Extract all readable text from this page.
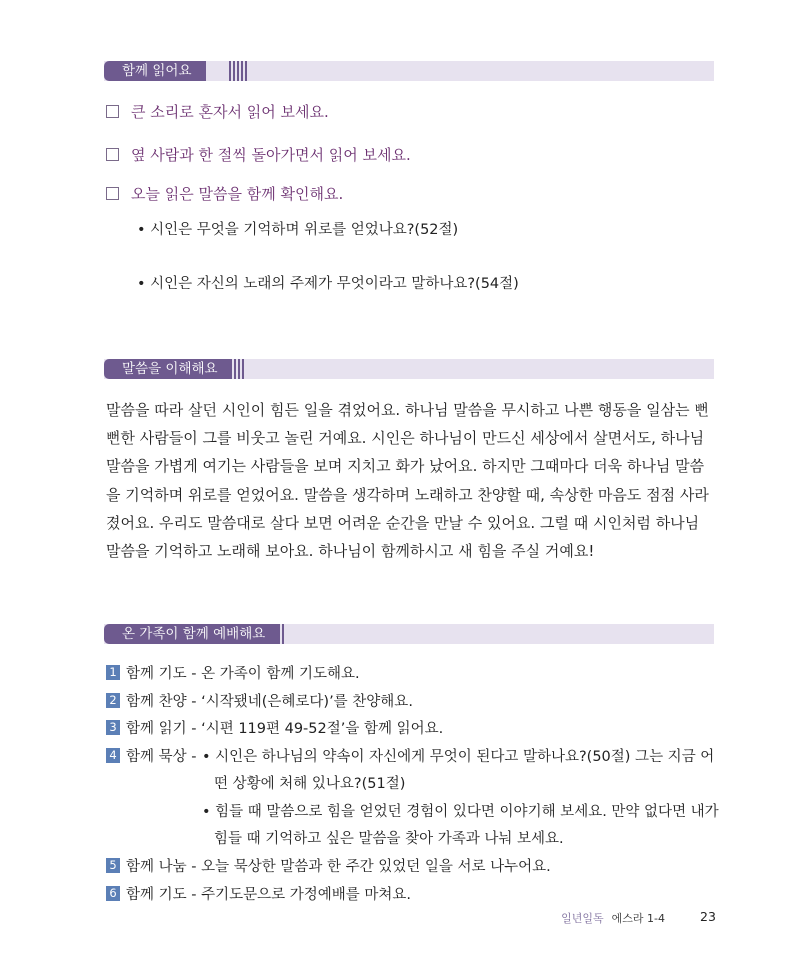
함께 읽어요
큰 소리로 혼자서 읽어 보세요.
옆 사람과 한 절씩 돌아가면서 읽어 보세요.
오늘 읽은 말씀을 함께 확인해요.
• 시인은 무엇을 기억하며 위로를 얻었나요?(52절)
• 시인은 자신의 노래의 주제가 무엇이라고 말하나요?(54절)
말씀을 이해해요

말씀을 따라 살던 시인이 힘든 일을 겪었어요. 하나님 말씀을 무시하고 나쁜 행동을 일삼는 뻔뻔한 사람들이 그를 비웃고 놀린 거예요. 시인은 하나님이 만드신 세상에서 살면서도, 하나님 말씀을 가볍게 여기는 사람들을 보며 지치고 화가 났어요. 하지만 그때마다 더욱 하나님 말씀을 기억하며 위로를 얻었어요. 말씀을 생각하며 노래하고 찬양할 때, 속상한 마음도 점점 사라졌어요. 우리도 말씀대로 살다 보면 어려운 순간을 만날 수 있어요. 그럴 때 시인처럼 하나님 말씀을 기억하고 노래해 보아요. 하나님이 함께하시고 새 힘을 주실 거예요!

온 가족이 함께 예배해요
1 함께 기도 - 온 가족이 함께 기도해요.
2 함께 찬양 - ‘시작됐네(은혜로다)’를 찬양해요.
3 함께 읽기 - ‘시편 119편 49-52절’을 함께 읽어요.
4 함께 묵상 - • 시인은 하나님의 약속이 자신에게 무엇이 된다고 말하나요?(50절) 그는 지금 어
떤 상황에 처해 있나요?(51절)
• 힘들 때 말씀으로 힘을 얻었던 경험이 있다면 이야기해 보세요. 만약 없다면 내가
힘들 때 기억하고 싶은 말씀을 찾아 가족과 나눠 보세요.
5 함께 나눔 - 오늘 묵상한 말씀과 한 주간 있었던 일을 서로 나누어요.
6 함께 기도 - 주기도문으로 가정예배를 마쳐요.
일년일독 에스라 1-4	23
